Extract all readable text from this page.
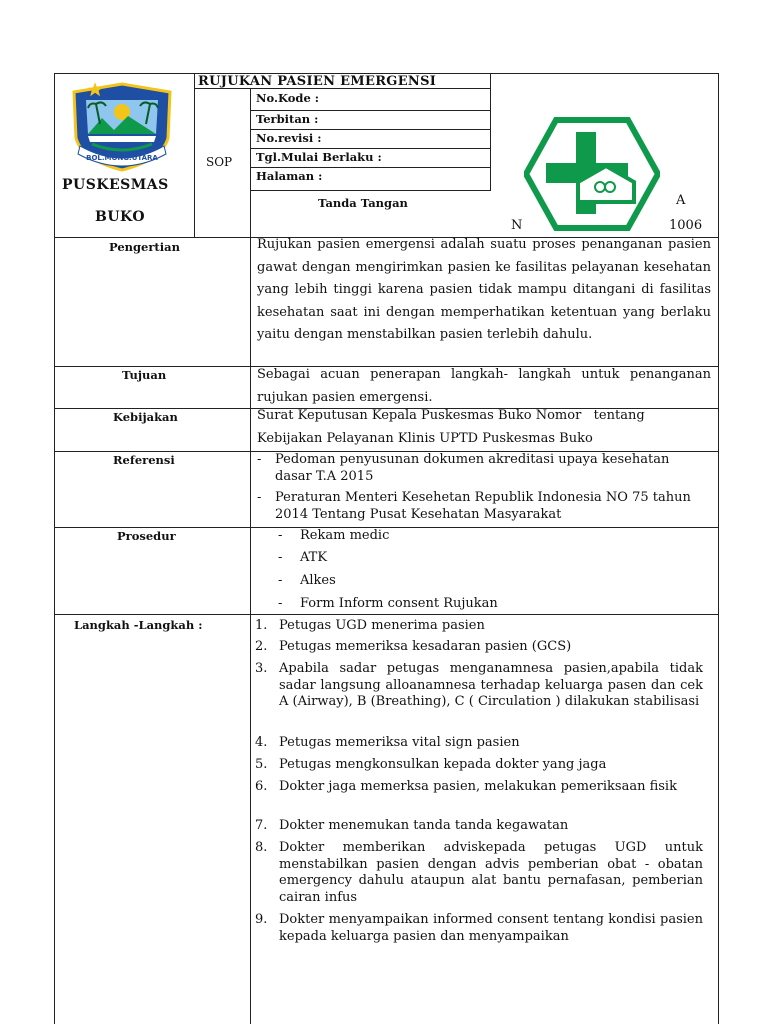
BOL.MONG.UTARA
PUSKESMAS
BUKO
RUJUKAN PASIEN EMERGENSI
SOP
No.Kode :
Terbitan :
No.revisi :
Tgl.Mulai Berlaku :
Halaman :
Tanda Tangan	A
N	1006
Pengertian	Rujukan pasien emergensi adalah suatu proses penanganan pasien gawat dengan mengirimkan pasien ke fasilitas pelayanan kesehatan yang lebih tinggi karena pasien tidak mampu ditangani di fasilitas kesehatan saat ini dengan memperhatikan ketentuan yang berlaku yaitu dengan menstabilkan pasien terlebih dahulu.
Tujuan	Sebagai acuan penerapan langkah- langkah untuk penanganan rujukan pasien emergensi.
Kebijakan	Surat Keputusan Kepala Puskesmas Buko Nomor   tentang
Kebijakan Pelayanan Klinis UPTD Puskesmas Buko
Referensi	- Pedoman penyusunan dokumen akreditasi upaya kesehatan dasar T.A 2015
- Peraturan Menteri Kesehetan Republik Indonesia NO 75 tahun 2014 Tentang Pusat Kesehatan Masyarakat
Prosedur	- Rekam medic
- ATK
- Alkes
- Form Inform consent Rujukan
Langkah -Langkah :	1. Petugas UGD menerima pasien
2. Petugas memeriksa kesadaran pasien (GCS)
3. Apabila sadar petugas menganamnesa pasien,apabila tidak sadar langsung alloanamnesa terhadap keluarga pasen dan cek A (Airway), B (Breathing), C ( Circulation ) dilakukan stabilisasi
4. Petugas memeriksa vital sign pasien
5. Petugas mengkonsulkan kepada dokter yang jaga
6. Dokter jaga memerksa pasien, melakukan pemeriksaan fisik
7. Dokter menemukan tanda tanda kegawatan
8. Dokter memberikan adviskepada petugas UGD untuk menstabilkan pasien dengan advis pemberian obat - obatan emergency dahulu ataupun alat bantu pernafasan, pemberian cairan infus
9. Dokter menyampaikan informed consent tentang kondisi pasien kepada keluarga pasien dan menyampaikan
